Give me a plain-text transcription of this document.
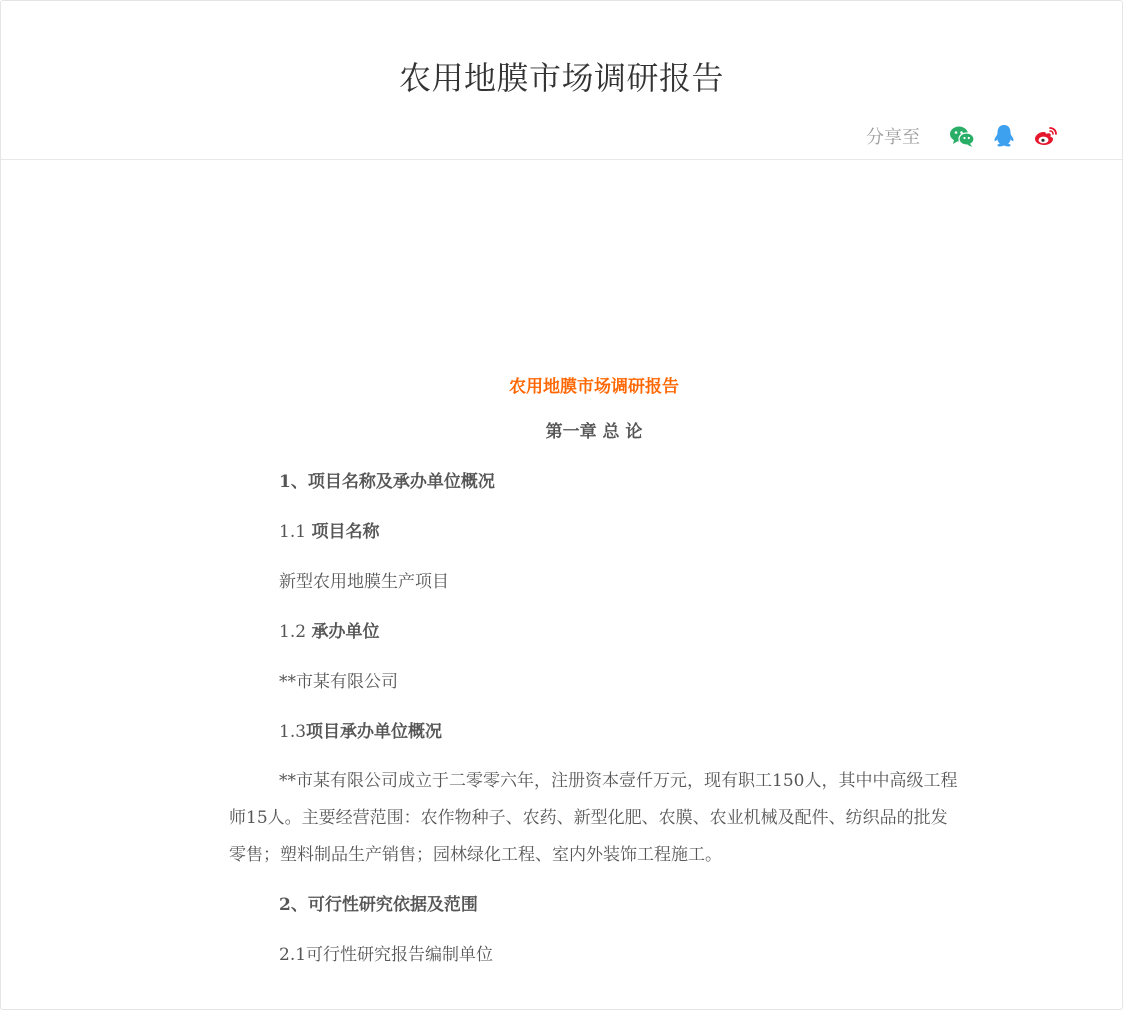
农用地膜市场调研报告
分享至

农用地膜市场调研报告

第一章 总 论

1、项目名称及承办单位概况

1.1 项目名称

新型农用地膜生产项目

1.2 承办单位

**市某有限公司

1.3项目承办单位概况

**市某有限公司成立于二零零六年，注册资本壹仟万元，现有职工150人，其中中高级工程师15人。主要经营范围：农作物种子、农药、新型化肥、农膜、农业机械及配件、纺织品的批发零售；塑料制品生产销售；园林绿化工程、室内外装饰工程施工。

2、可行性研究依据及范围

2.1可行性研究报告编制单位
